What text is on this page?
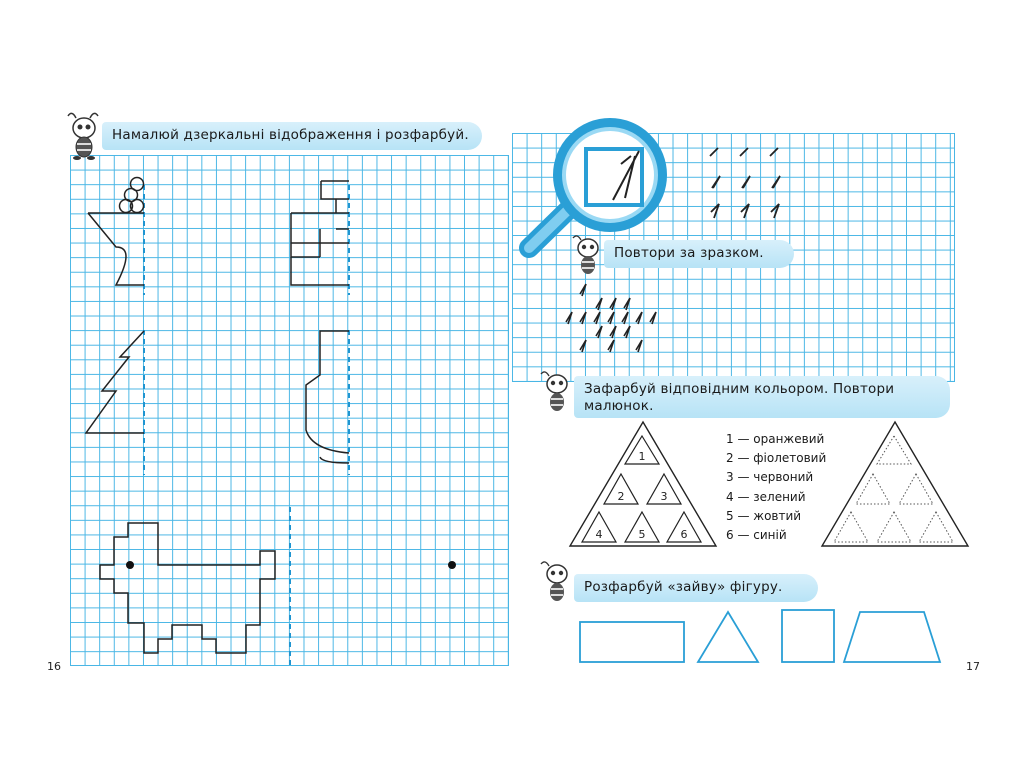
Намалюй дзеркальні відображення і розфарбуй.
16
Повтори за зразком.
Зафарбуй відповідним кольором. Повтори малюнок.
1
2	3
4	5	6
1 — оранжевий
2 — фіолетовий
3 — червоний
4 — зелений
5 — жовтий
6 — синій
Розфарбуй «зайву» фігуру.
17
